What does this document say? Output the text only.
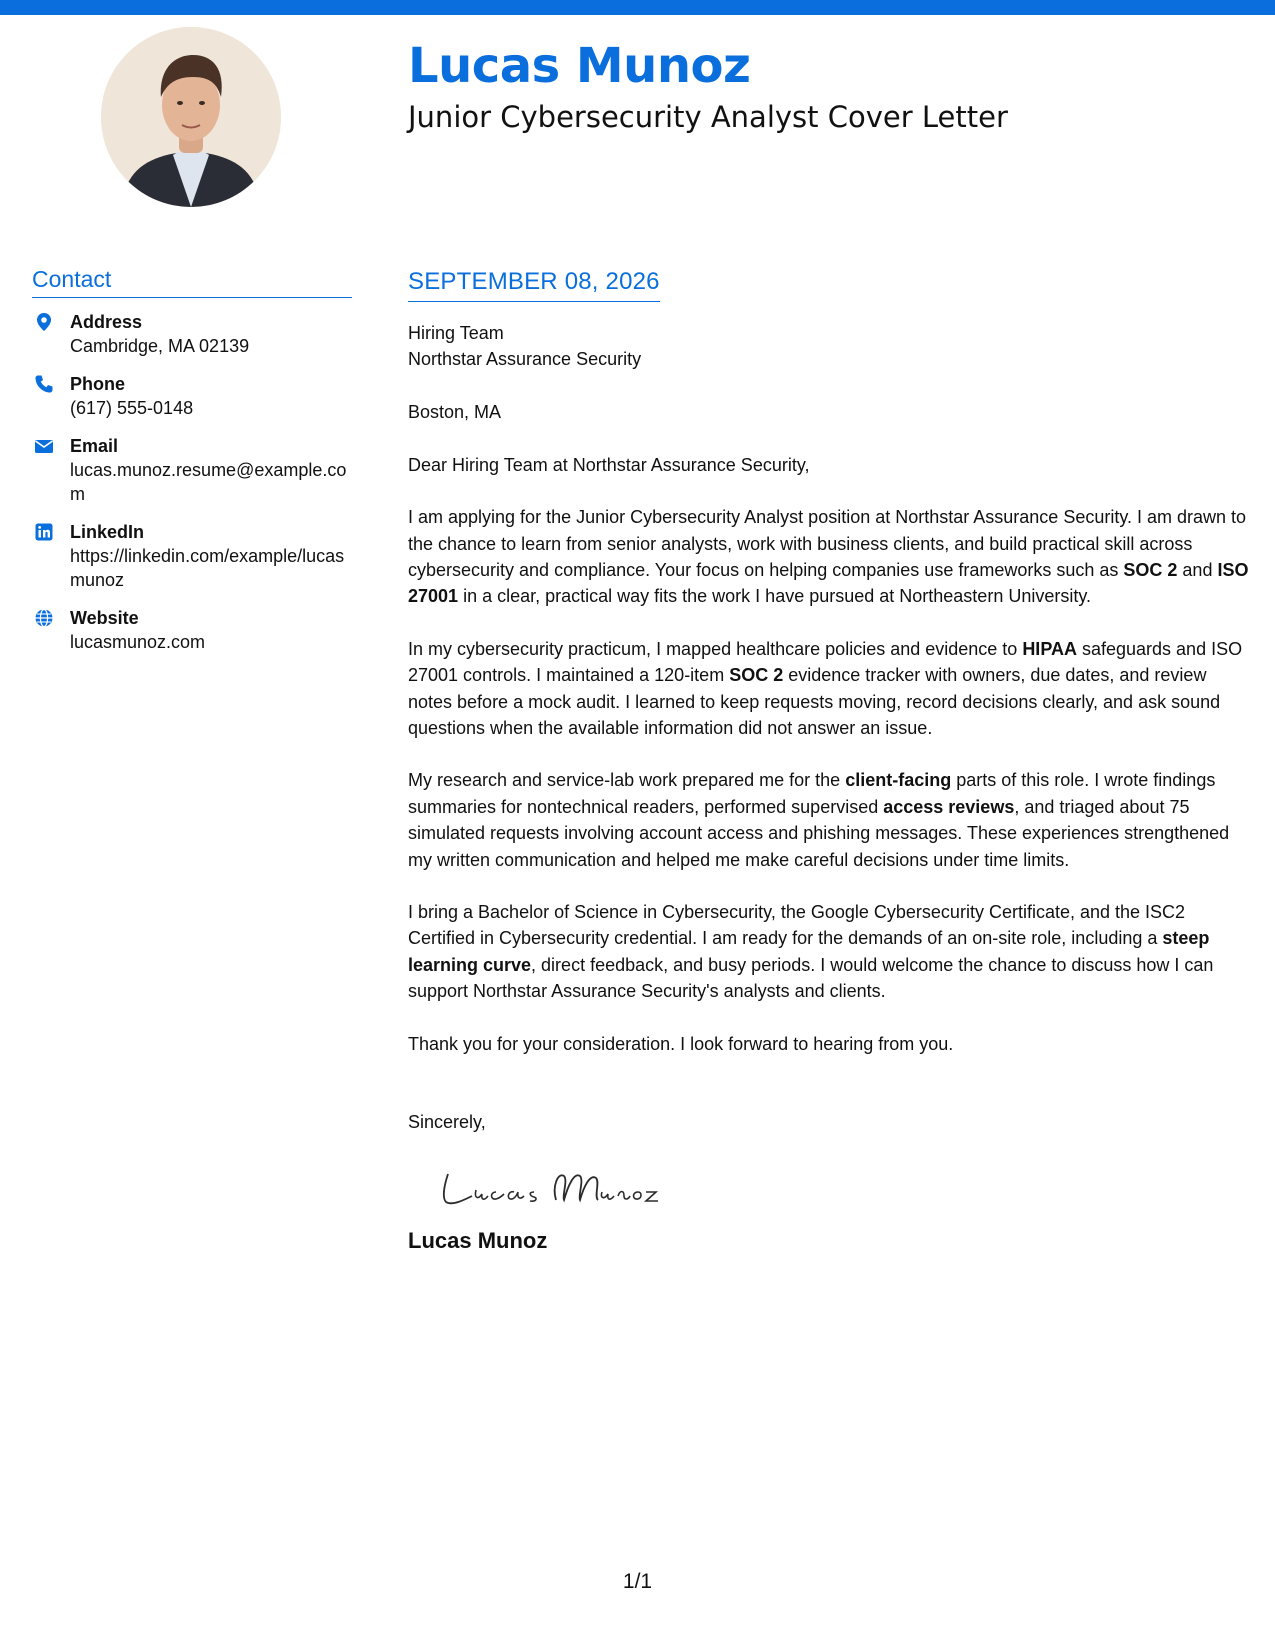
Lucas Munoz
Junior Cybersecurity Analyst Cover Letter
Contact
Address
Cambridge, MA 02139
Phone
(617) 555-0148
Email
lucas.munoz.resume@example.com
LinkedIn
https://linkedin.com/example/lucasmunoz
Website
lucasmunoz.com
SEPTEMBER 08, 2026
Hiring Team
Northstar Assurance Security
Boston, MA

Dear Hiring Team at Northstar Assurance Security,

I am applying for the Junior Cybersecurity Analyst position at Northstar Assurance Security. I am drawn to the chance to learn from senior analysts, work with business clients, and build practical skill across cybersecurity and compliance. Your focus on helping companies use frameworks such as SOC 2 and ISO 27001 in a clear, practical way fits the work I have pursued at Northeastern University.

In my cybersecurity practicum, I mapped healthcare policies and evidence to HIPAA safeguards and ISO 27001 controls. I maintained a 120-item SOC 2 evidence tracker with owners, due dates, and review notes before a mock audit. I learned to keep requests moving, record decisions clearly, and ask sound questions when the available information did not answer an issue.

My research and service-lab work prepared me for the client-facing parts of this role. I wrote findings summaries for nontechnical readers, performed supervised access reviews, and triaged about 75 simulated requests involving account access and phishing messages. These experiences strengthened my written communication and helped me make careful decisions under time limits.

I bring a Bachelor of Science in Cybersecurity, the Google Cybersecurity Certificate, and the ISC2 Certified in Cybersecurity credential. I am ready for the demands of an on-site role, including a steep learning curve, direct feedback, and busy periods. I would welcome the chance to discuss how I can support Northstar Assurance Security's analysts and clients.

Thank you for your consideration. I look forward to hearing from you.

Sincerely,

Lucas Munoz
1/1
